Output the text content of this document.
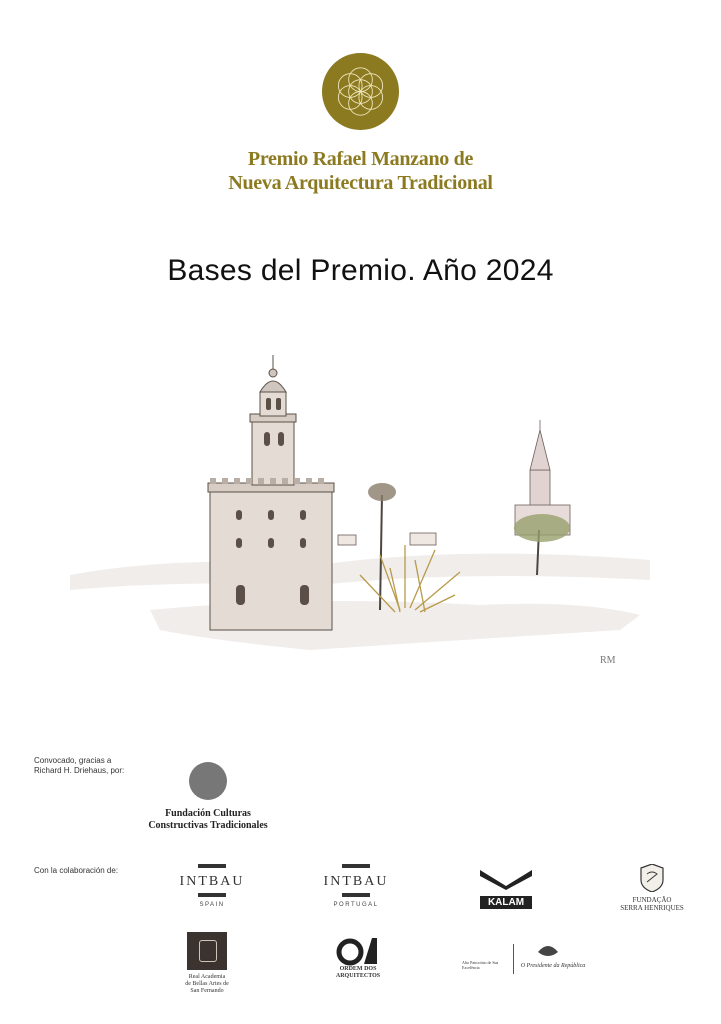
Premio Rafael Manzano de
Nueva Arquitectura Tradicional
Bases del Premio. Año 2024
RM
Convocado, gracias a
Richard H. Driehaus, por:
Fundación Culturas
Constructivas Tradicionales
Con la colaboración de:
INTBAU
SPAIN
INTBAU
PORTUGAL	KALAM	FUNDAÇÃO
SERRA HENRIQUES
Real Academia
de Bellas Artes de
San Fernando
ORDEM DOS
ARQUITECTOS
Alto Patrocínio de Sua Excelência	O Presidente da República
